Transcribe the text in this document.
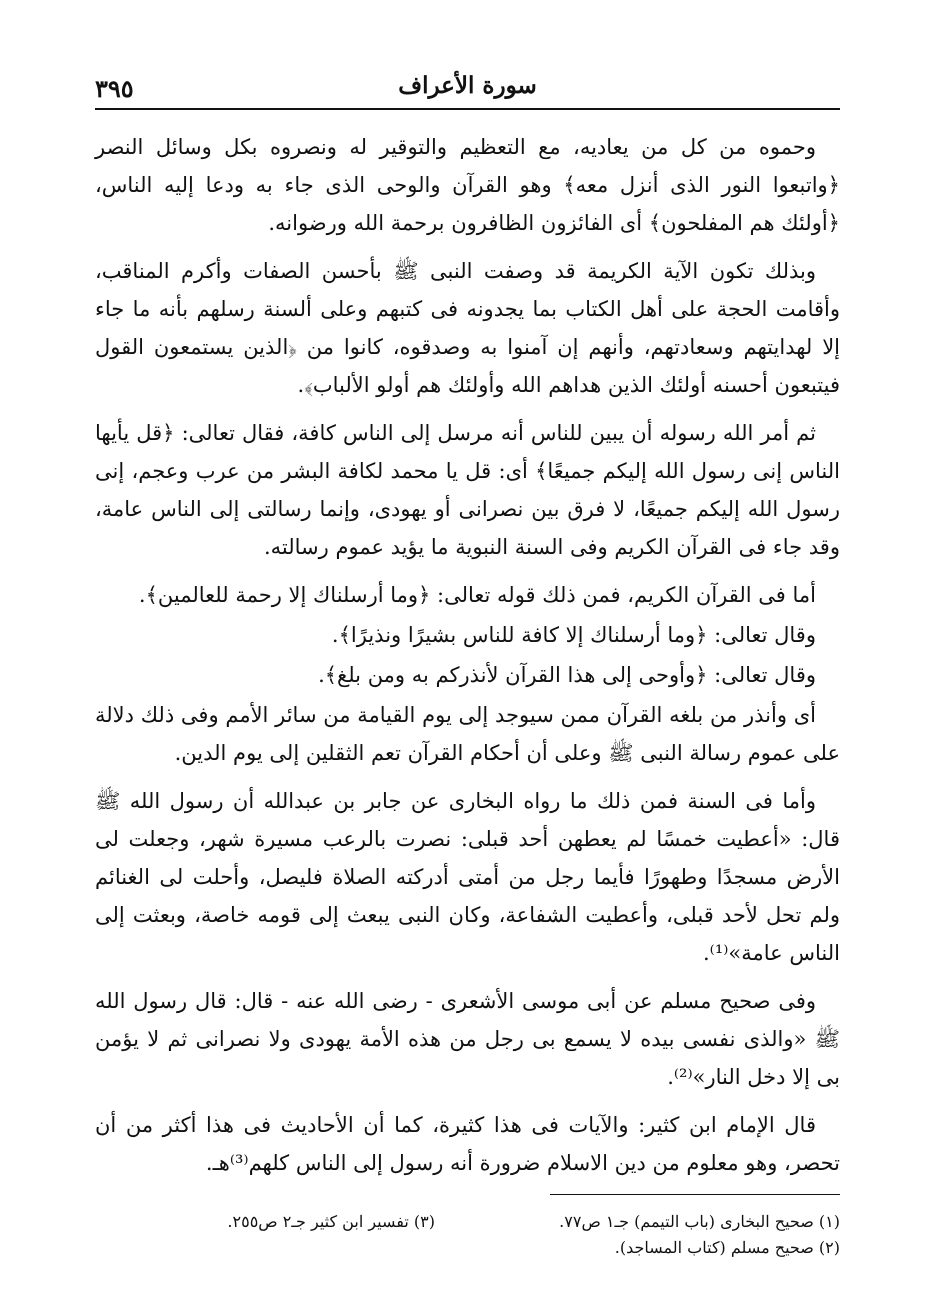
٣٩٥	سورة الأعراف

وحموه من كل من يعاديه، مع التعظيم والتوقير له ونصروه بكل وسائل النصر ﴿واتبعوا النور الذى أنزل معه﴾ وهو القرآن والوحى الذى جاء به ودعا إليه الناس، ﴿أولئك هم المفلحون﴾ أى الفائزون الظافرون برحمة الله ورضوانه.

وبذلك تكون الآية الكريمة قد وصفت النبى ﷺ بأحسن الصفات وأكرم المناقب، وأقامت الحجة على أهل الكتاب بما يجدونه فى كتبهم وعلى ألسنة رسلهم بأنه ما جاء إلا لهدايتهم وسعادتهم، وأنهم إن آمنوا به وصدقوه، كانوا من ﴿الذين يستمعون القول فيتبعون أحسنه أولئك الذين هداهم الله وأولئك هم أولو الألباب﴾.

ثم أمر الله رسوله أن يبين للناس أنه مرسل إلى الناس كافة، فقال تعالى: ﴿قل يأيها الناس إنى رسول الله إليكم جميعًا﴾ أى: قل يا محمد لكافة البشر من عرب وعجم، إنى رسول الله إليكم جميعًا، لا فرق بين نصرانى أو يهودى، وإنما رسالتى إلى الناس عامة، وقد جاء فى القرآن الكريم وفى السنة النبوية ما يؤيد عموم رسالته.

أما فى القرآن الكريم، فمن ذلك قوله تعالى: ﴿وما أرسلناك إلا رحمة للعالمين﴾.

وقال تعالى: ﴿وما أرسلناك إلا كافة للناس بشيرًا ونذيرًا﴾.

وقال تعالى: ﴿وأوحى إلى هذا القرآن لأنذركم به ومن بلغ﴾.

أى وأنذر من بلغه القرآن ممن سيوجد إلى يوم القيامة من سائر الأمم وفى ذلك دلالة على عموم رسالة النبى ﷺ وعلى أن أحكام القرآن تعم الثقلين إلى يوم الدين.

وأما فى السنة فمن ذلك ما رواه البخارى عن جابر بن عبدالله أن رسول الله ﷺ قال: «أعطيت خمسًا لم يعطهن أحد قبلى: نصرت بالرعب مسيرة شهر، وجعلت لى الأرض مسجدًا وطهورًا فأيما رجل من أمتى أدركته الصلاة فليصل، وأحلت لى الغنائم ولم تحل لأحد قبلى، وأعطيت الشفاعة، وكان النبى يبعث إلى قومه خاصة، وبعثت إلى الناس عامة»⁽¹⁾.

وفى صحيح مسلم عن أبى موسى الأشعرى - رضى الله عنه - قال: قال رسول الله ﷺ «والذى نفسى بيده لا يسمع بى رجل من هذه الأمة يهودى ولا نصرانى ثم لا يؤمن بى إلا دخل النار»⁽²⁾.

قال الإمام ابن كثير: والآيات فى هذا كثيرة، كما أن الأحاديث فى هذا أكثر من أن تحصر، وهو معلوم من دين الاسلام ضرورة أنه رسول إلى الناس كلهم⁽³⁾هـ.

(١) صحيح البخارى (باب التيمم) جـ١ ص٧٧.
(٢) صحيح مسلم (كتاب المساجد).
(٣) تفسير ابن كثير جـ٢ ص٢٥٥.
